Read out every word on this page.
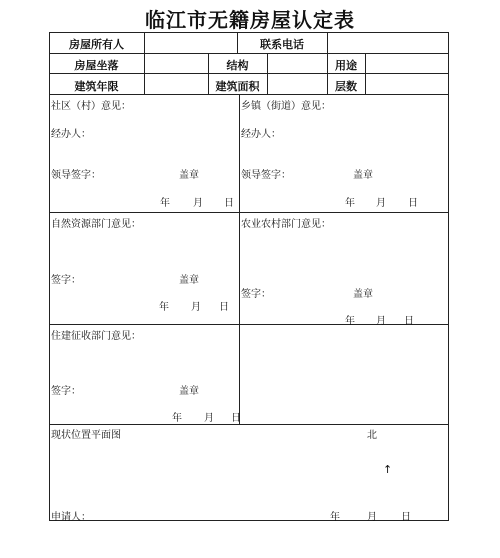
临江市无籍房屋认定表
房屋所有人	联系电话
房屋坐落	结构	用途
建筑年限	建筑面积	层数
社区（村）意见：
经办人：
领导签字：	盖章
年 月 日
乡镇（街道）意见：
经办人：
领导签字：	盖章
年 月 日
自然资源部门意见：
签字：	盖章
年 月 日
农业农村部门意见：
签字：	盖章
年 月 日
住建征收部门意见：
签字：	盖章
年 月 日
现状位置平面图	北
↑
申请人：	年	月 日
